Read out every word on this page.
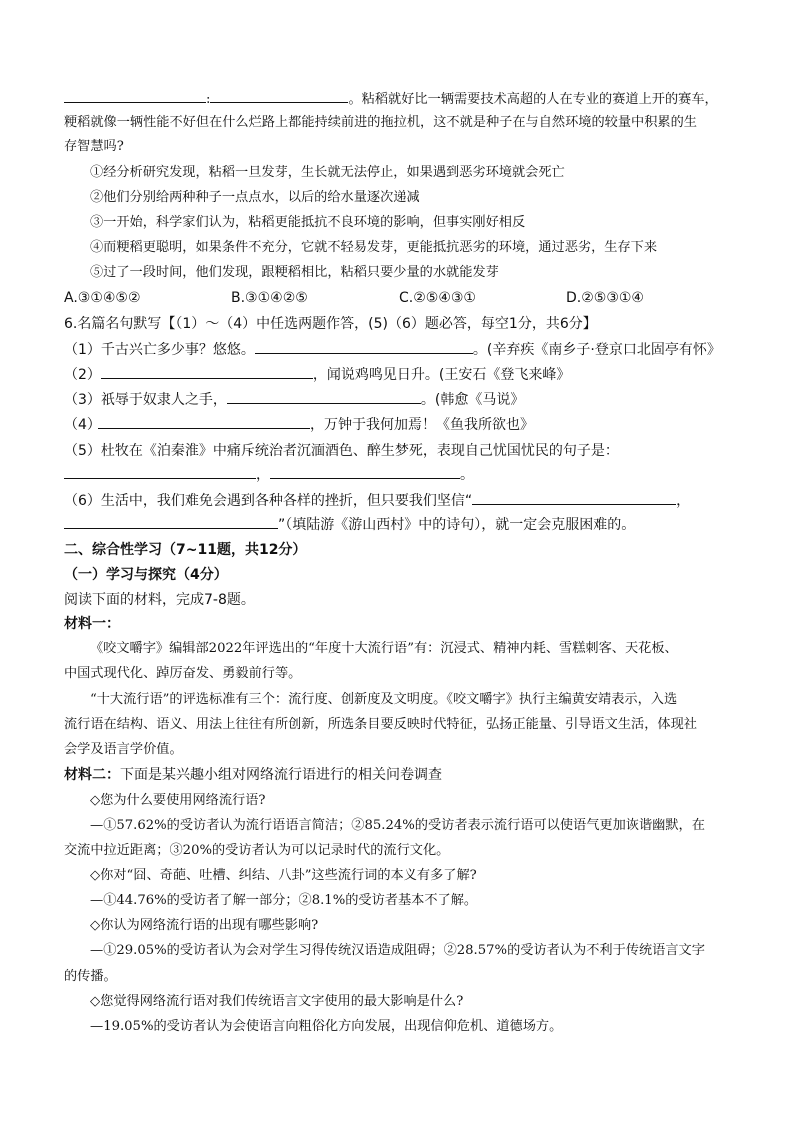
:	。粘稻就好比一辆需要技术高超的人在专业的赛道上开的赛车，
粳稻就像一辆性能不好但在什么烂路上都能持续前进的拖拉机，这不就是种子在与自然环境的较量中积累的生
存智慧吗?
①经分析研究发现，粘稻一旦发芽，生长就无法停止，如果遇到恶劣环境就会死亡
②他们分别给两种种子一点点水，以后的给水量逐次递减
③一开始，科学家们认为，粘稻更能抵抗不良环境的影响，但事实刚好相反
④而粳稻更聪明，如果条件不充分，它就不轻易发芽，更能抵抗恶劣的环境，通过恶劣，生存下来
⑤过了一段时间，他们发现，跟粳稻相比，粘稻只要少量的水就能发芽
A.③①④⑤②	B.③①④②⑤	C.②⑤④③①	D.②⑤③①④
6.名篇名句默写【（1）～（4）中任选两题作答，(5)（6）题必答，每空1分，共6分】
（1）千古兴亡多少事？悠悠。	。(辛弃疾《南乡子·登京口北固亭有怀》
（2）	，闻说鸡鸣见日升。(王安石《登飞来峰》
（3）祇辱于奴隶人之手，	。(韩愈《马说》
（4）	，万钟于我何加焉！《鱼我所欲也》
（5）杜牧在《泊秦淮》中痛斥统治者沉湎酒色、醉生梦死，表现自己忧国忧民的句子是：
，	。
（6）生活中，我们难免会遇到各种各样的挫折，但只要我们坚信“	，
”（填陆游《游山西村》中的诗句），就一定会克服困难的。
二、综合性学习（7~11题，共12分）
（一）学习与探究（4分）
阅读下面的材料，完成7-8题。
材料一：
《咬文嚼字》编辑部2022年评选出的“年度十大流行语”有：沉浸式、精神内耗、雪糕刺客、天花板、
中国式现代化、踔厉奋发、勇毅前行等。
“十大流行语”的评选标准有三个：流行度、创新度及文明度。《咬文嚼字》执行主编黄安靖表示，入选
流行语在结构、语义、用法上往往有所创新，所选条目要反映时代特征，弘扬正能量、引导语文生活，体现社
会学及语言学价值。
材料二：下面是某兴趣小组对网络流行语进行的相关问卷调查
◇您为什么要使用网络流行语?
—①57.62%的受访者认为流行语语言简洁；②85.24%的受访者表示流行语可以使语气更加诙谐幽默，在
交流中拉近距离；③20%的受访者认为可以记录时代的流行文化。
◇你对“囧、奇葩、吐槽、纠结、八卦”这些流行词的本义有多了解?
—①44.76%的受访者了解一部分；②8.1%的受访者基本不了解。
◇你认为网络流行语的出现有哪些影响?
—①29.05%的受访者认为会对学生习得传统汉语造成阻碍；②28.57%的受访者认为不利于传统语言文字
的传播。
◇您觉得网络流行语对我们传统语言文字使用的最大影响是什么?
—19.05%的受访者认为会使语言向粗俗化方向发展，出现信仰危机、道德场方。
